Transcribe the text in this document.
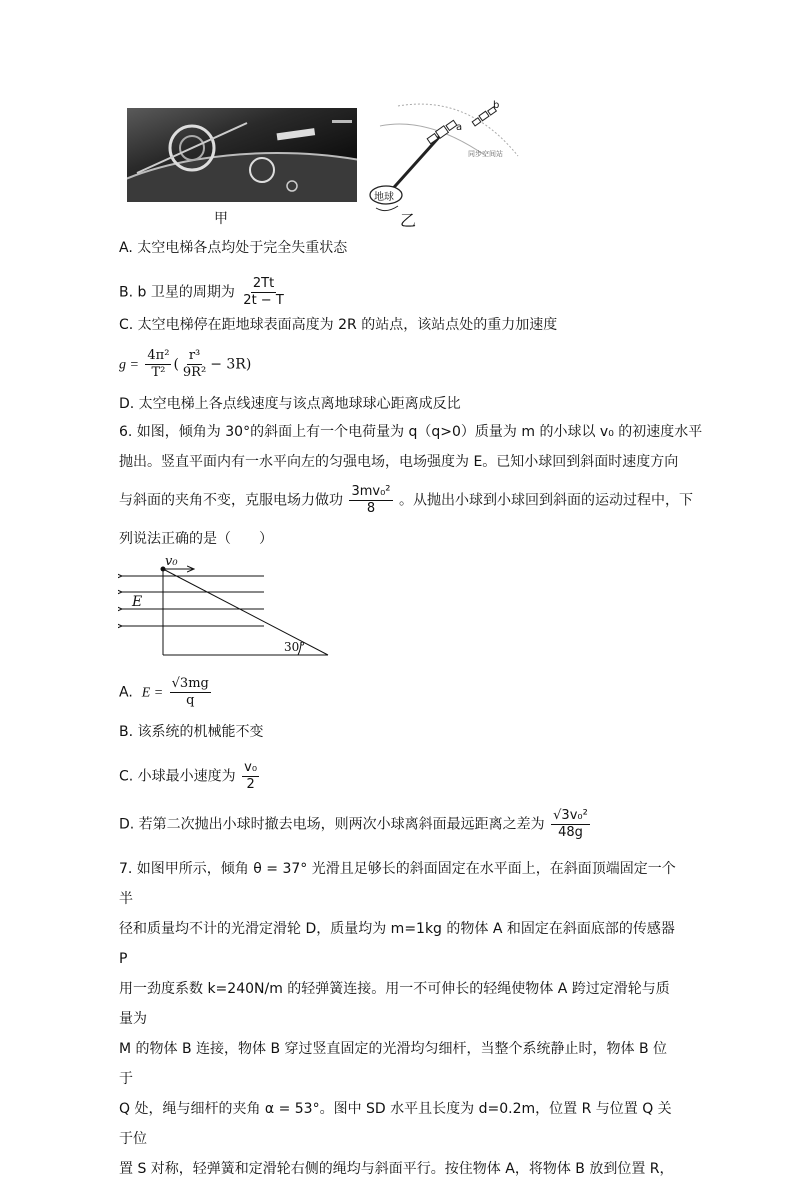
甲
地球
a
b
同步空间站
乙
A. 太空电梯各点均处于完全失重状态
B. b 卫星的周期为 $\frac{2Tt}{2t - T}$
C. 太空电梯停在距地球表面高度为 2R 的站点，该站点处的重力加速度
$g = \frac{\text{4π²}}{\text{T²}}$ ( $\frac{\text{r³}}{\text{9R²}} - 3R$)
D. 太空电梯上各点线速度与该点离地球球心距离成反比
6. 如图，倾角为 30°的斜面上有一个电荷量为 q（q>0）质量为 m 的小球以 v₀ 的初速度水平
抛出。竖直平面内有一水平向左的匀强电场，电场强度为 E。已知小球回到斜面时速度方向
与斜面的夹角不变，克服电场力做功 $\frac{\text{3mv₀²}}{8}$ 。从抛出小球到小球回到斜面的运动过程中，下
列说法正确的是（　　）
v₀
E
30°
A. $E = \frac{√3mg}{q}$
B. 该系统的机械能不变
C. 小球最小速度为 $\frac{\text{v₀}}{2}$
D. 若第二次抛出小球时撤去电场，则两次小球离斜面最远距离之差为 $\frac{\text{√3v₀²}}{48g}$
7. 如图甲所示，倾角 θ = 37° 光滑且足够长的斜面固定在水平面上，在斜面顶端固定一个半
径和质量均不计的光滑定滑轮 D，质量均为 m=1kg 的物体 A 和固定在斜面底部的传感器 P
用一劲度系数 k=240N/m 的轻弹簧连接。用一不可伸长的轻绳使物体 A 跨过定滑轮与质量为
M 的物体 B 连接，物体 B 穿过竖直固定的光滑均匀细杆，当整个系统静止时，物体 B 位于
Q 处，绳与细杆的夹角 α = 53°。图中 SD 水平且长度为 d=0.2m，位置 R 与位置 Q 关于位
置 S 对称，轻弹簧和定滑轮右侧的绳均与斜面平行。按住物体 A，将物体 B 放到位置 R，
